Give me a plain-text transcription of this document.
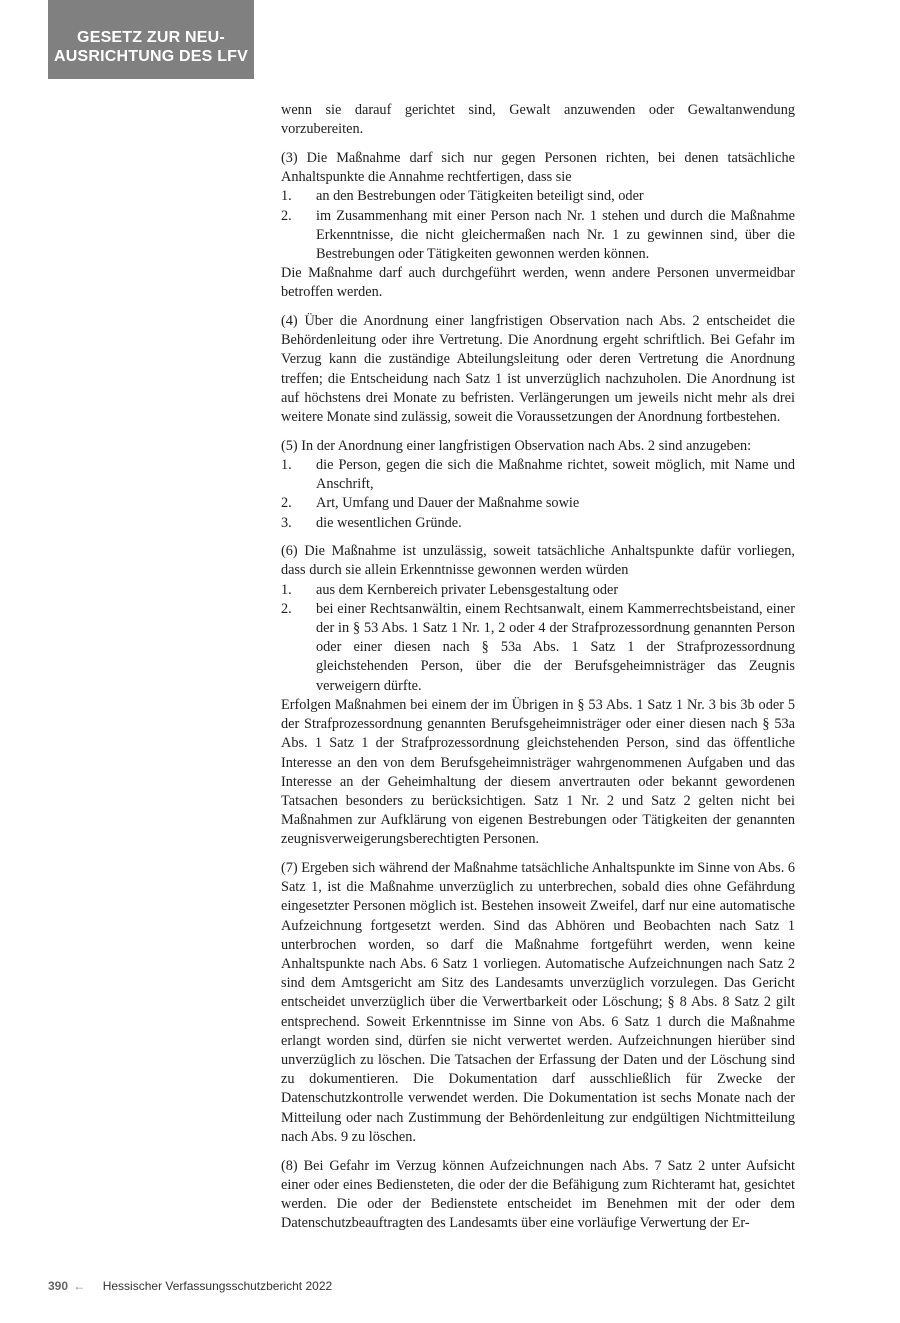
GESETZ ZUR NEU-
AUSRICHTUNG DES LFV

wenn sie darauf gerichtet sind, Gewalt anzuwenden oder Gewaltanwendung vorzubereiten.

(3) Die Maßnahme darf sich nur gegen Personen richten, bei denen tatsächliche Anhaltspunkte die Annahme rechtfertigen, dass sie

1. an den Bestrebungen oder Tätigkeiten beteiligt sind, oder
2. im Zusammenhang mit einer Person nach Nr. 1 stehen und durch die Maßnahme Erkenntnisse, die nicht gleichermaßen nach Nr. 1 zu gewinnen sind, über die Bestrebungen oder Tätigkeiten gewonnen werden können.

Die Maßnahme darf auch durchgeführt werden, wenn andere Personen unvermeidbar betroffen werden.

(4) Über die Anordnung einer langfristigen Observation nach Abs. 2 entscheidet die Behördenleitung oder ihre Vertretung. Die Anordnung ergeht schriftlich. Bei Gefahr im Verzug kann die zuständige Abteilungsleitung oder deren Vertretung die Anordnung treffen; die Entscheidung nach Satz 1 ist unverzüglich nachzuholen. Die Anordnung ist auf höchstens drei Monate zu befristen. Verlängerungen um jeweils nicht mehr als drei weitere Monate sind zulässig, soweit die Voraussetzungen der Anordnung fortbestehen.

(5) In der Anordnung einer langfristigen Observation nach Abs. 2 sind anzugeben:

1. die Person, gegen die sich die Maßnahme richtet, soweit möglich, mit Name und Anschrift,
2. Art, Umfang und Dauer der Maßnahme sowie
3. die wesentlichen Gründe.

(6) Die Maßnahme ist unzulässig, soweit tatsächliche Anhaltspunkte dafür vorliegen, dass durch sie allein Erkenntnisse gewonnen werden würden

1. aus dem Kernbereich privater Lebensgestaltung oder
2. bei einer Rechtsanwältin, einem Rechtsanwalt, einem Kammerrechtsbeistand, einer der in § 53 Abs. 1 Satz 1 Nr. 1, 2 oder 4 der Strafprozessordnung genannten Person oder einer diesen nach § 53a Abs. 1 Satz 1 der Strafprozessordnung gleichstehenden Person, über die der Berufsgeheimnisträger das Zeugnis verweigern dürfte.

Erfolgen Maßnahmen bei einem der im Übrigen in § 53 Abs. 1 Satz 1 Nr. 3 bis 3b oder 5 der Strafprozessordnung genannten Berufsgeheimnisträger oder einer diesen nach § 53a Abs. 1 Satz 1 der Strafprozessordnung gleichstehenden Person, sind das öffentliche Interesse an den von dem Berufsgeheimnisträger wahrgenommenen Aufgaben und das Interesse an der Geheimhaltung der diesem anvertrauten oder bekannt gewordenen Tatsachen besonders zu berücksichtigen. Satz 1 Nr. 2 und Satz 2 gelten nicht bei Maßnahmen zur Aufklärung von eigenen Bestrebungen oder Tätigkeiten der genannten zeugnisverweigerungsberechtigten Personen.

(7) Ergeben sich während der Maßnahme tatsächliche Anhaltspunkte im Sinne von Abs. 6 Satz 1, ist die Maßnahme unverzüglich zu unterbrechen, sobald dies ohne Gefährdung eingesetzter Personen möglich ist. Bestehen insoweit Zweifel, darf nur eine automatische Aufzeichnung fortgesetzt werden. Sind das Abhören und Beobachten nach Satz 1 unterbrochen worden, so darf die Maßnahme fortgeführt werden, wenn keine Anhaltspunkte nach Abs. 6 Satz 1 vorliegen. Automatische Aufzeichnungen nach Satz 2 sind dem Amtsgericht am Sitz des Landesamts unverzüglich vorzulegen. Das Gericht entscheidet unverzüglich über die Verwertbarkeit oder Löschung; § 8 Abs. 8 Satz 2 gilt entsprechend. Soweit Erkenntnisse im Sinne von Abs. 6 Satz 1 durch die Maßnahme erlangt worden sind, dürfen sie nicht verwertet werden. Aufzeichnungen hierüber sind unverzüglich zu löschen. Die Tatsachen der Erfassung der Daten und der Löschung sind zu dokumentieren. Die Dokumentation darf ausschließlich für Zwecke der Datenschutzkontrolle verwendet werden. Die Dokumentation ist sechs Monate nach der Mitteilung oder nach Zustimmung der Behördenleitung zur endgültigen Nichtmitteilung nach Abs. 9 zu löschen.

(8) Bei Gefahr im Verzug können Aufzeichnungen nach Abs. 7 Satz 2 unter Aufsicht einer oder eines Bediensteten, die oder der die Befähigung zum Richteramt hat, gesichtet werden. Die oder der Bedienstete entscheidet im Benehmen mit der oder dem Datenschutzbeauftragten des Landesamts über eine vorläufige Verwertung der Er-

390 ← Hessischer Verfassungsschutzbericht 2022
